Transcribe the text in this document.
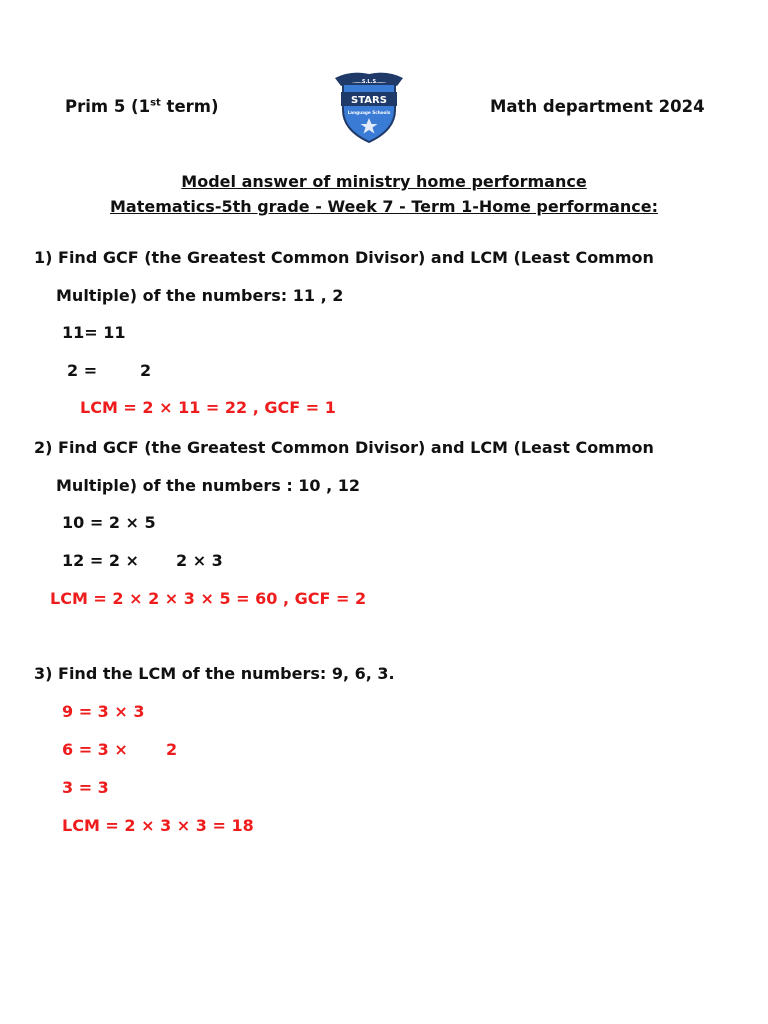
Prim 5 (1st term)
S.L.S
STARS
Language Schools	Math department 2024
Model answer of ministry home performance
Matematics-5th grade - Week 7 - Term 1-Home performance:
1) Find GCF (the Greatest Common Divisor) and LCM (Least Common
Multiple) of the numbers: 11 , 2
11= 11
2 =	2
LCM = 2 × 11 = 22 , GCF = 1
2) Find GCF (the Greatest Common Divisor) and LCM (Least Common
Multiple) of the numbers : 10 , 12
10 = 2 × 5
12 = 2 × 2 × 3
LCM = 2 × 2 × 3 × 5 = 60 , GCF = 2
3) Find the LCM of the numbers: 9, 6, 3.
9 = 3 × 3
6 = 3 × 2
3 = 3
LCM = 2 × 3 × 3 = 18
